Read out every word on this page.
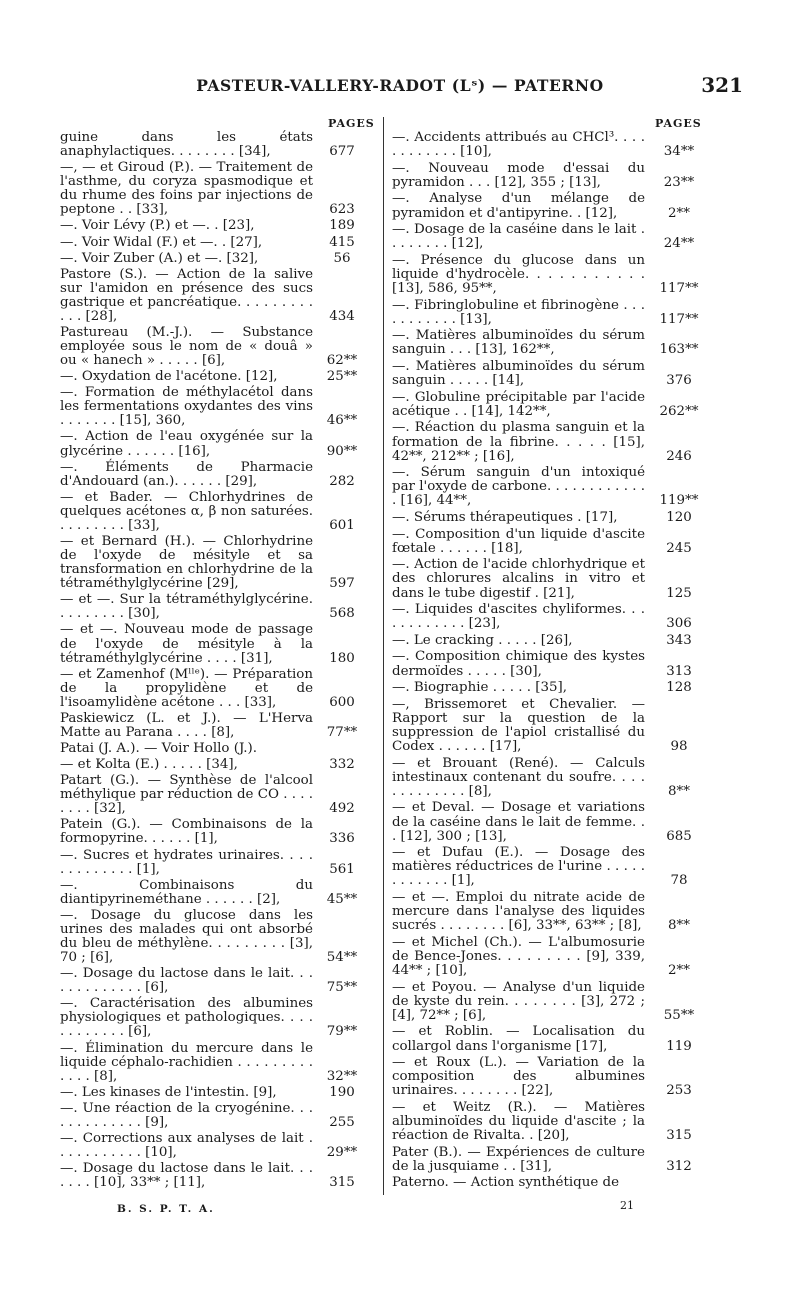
PASTEUR-VALLERY-RADOT (Lˢ) — PATERNO	321
PAGES
guine dans les états anaphylactiques. . . . . . . . [34],	677
—, — et Giroud (P.). — Traitement de l'asthme, du coryza spasmodique et du rhume des foins par injections de peptone . . [33],	623
—. Voir Lévy (P.) et —. . [23],	189
—. Voir Widal (F.) et —. . [27],	415
—. Voir Zuber (A.) et —. [32],	56
Pastore (S.). — Action de la salive sur l'amidon en présence des sucs gastrique et pancréatique. . . . . . . . . . . . [28],	434
Pastureau (M.-J.). — Substance employée sous le nom de « douâ » ou « hanech » . . . . . [6],	62**
—. Oxydation de l'acétone. [12],	25**
—. Formation de méthylacétol dans les fermentations oxydantes des vins . . . . . . . [15], 360,	46**
—. Action de l'eau oxygénée sur la glycérine . . . . . . [16],	90**
—. Éléments de Pharmacie d'Andouard (an.). . . . . . [29],	282
— et Bader. — Chlorhydrines de quelques acétones α, β non saturées. . . . . . . . . [33],	601
— et Bernard (H.). — Chlorhydrine de l'oxyde de mésityle et sa transformation en chlorhydrine de la tétraméthylglycérine [29],	597
— et —. Sur la tétraméthylglycérine. . . . . . . . . [30],	568
— et —. Nouveau mode de passage de l'oxyde de mésityle à la tétraméthylglycérine . . . . [31],	180
— et Zamenhof (Mˡˡᵉ). — Préparation de la propylidène et de l'isoamylidène acétone . . . [33],	600
Paskiewicz (L. et J.). — L'Herva Matte au Parana . . . . [8],	77**
Patai (J. A.). — Voir Hollo (J.).
— et Kolta (E.) . . . . . [34],	332
Patart (G.). — Synthèse de l'alcool méthylique par réduction de CO . . . . . . . . [32],	492
Patein (G.). — Combinaisons de la formopyrine. . . . . . [1],	336
—. Sucres et hydrates urinaires. . . . . . . . . . . . . [1],	561
—. Combinaisons du diantipyrineméthane . . . . . . [2],	45**
—. Dosage du glucose dans les urines des malades qui ont absorbé du bleu de méthylène. . . . . . . . . [3], 70 ; [6],	54**
—. Dosage du lactose dans le lait. . . . . . . . . . . . . [6],	75**
—. Caractérisation des albumines physiologiques et pathologiques. . . . . . . . . . . . [6],	79**
—. Élimination du mercure dans le liquide céphalo-rachidien . . . . . . . . . . . . . [8],	32**
—. Les kinases de l'intestin. [9],	190
—. Une réaction de la cryogénine. . . . . . . . . . . . . [9],	255
—. Corrections aux analyses de lait . . . . . . . . . . . [10],	29**
—. Dosage du lactose dans le lait. . . . . . . [10], 33** ; [11],	315
PAGES
—. Accidents attribués au CHCl³. . . . . . . . . . . . [10],	34**
—. Nouveau mode d'essai du pyramidon . . . [12], 355 ; [13],	23**
—. Analyse d'un mélange de pyramidon et d'antipyrine. . [12],	2**
—. Dosage de la caséine dans le lait . . . . . . . . [12],	24**
—. Présence du glucose dans un liquide d'hydrocèle. . . . . . . . . . . [13], 586, 95**,	117**
—. Fibringlobuline et fibrinogène . . . . . . . . . . . [13],	117**
—. Matières albuminoïdes du sérum sanguin . . . [13], 162**,	163**
—. Matières albuminoïdes du sérum sanguin . . . . . [14],	376
—. Globuline précipitable par l'acide acétique . . [14], 142**,	262**
—. Réaction du plasma sanguin et la formation de la fibrine. . . . . [15], 42**, 212** ; [16],	246
—. Sérum sanguin d'un intoxiqué par l'oxyde de carbone. . . . . . . . . . . . . [16], 44**,	119**
—. Sérums thérapeutiques . [17],	120
—. Composition d'un liquide d'ascite fœtale . . . . . . [18],	245
—. Action de l'acide chlorhydrique et des chlorures alcalins in vitro et dans le tube digestif . [21],	125
—. Liquides d'ascites chyliformes. . . . . . . . . . . . [23],	306
—. Le cracking . . . . . [26],	343
—. Composition chimique des kystes dermoïdes . . . . . [30],	313
—. Biographie . . . . . [35],	128
—, Brissemoret et Chevalier. — Rapport sur la question de la suppression de l'apiol cristallisé du Codex . . . . . . [17],	98
— et Brouant (René). — Calculs intestinaux contenant du soufre. . . . . . . . . . . . . [8],	8**
— et Deval. — Dosage et variations de la caséine dans le lait de femme. . . [12], 300 ; [13],	685
— et Dufau (E.). — Dosage des matières réductrices de l'urine . . . . . . . . . . . . [1],	78
— et —. Emploi du nitrate acide de mercure dans l'analyse des liquides sucrés . . . . . . . . [6], 33**, 63** ; [8],	8**
— et Michel (Ch.). — L'albumosurie de Bence-Jones. . . . . . . . . [9], 339, 44** ; [10],	2**
— et Poyou. — Analyse d'un liquide de kyste du rein. . . . . . . . [3], 272 ; [4], 72** ; [6],	55**
— et Roblin. — Localisation du collargol dans l'organisme [17],	119
— et Roux (L.). — Variation de la composition des albumines urinaires. . . . . . . . [22],	253
— et Weitz (R.). — Matières albuminoïdes du liquide d'ascite ; la réaction de Rivalta. . [20],	315
Pater (B.). — Expériences de culture de la jusquiame . . [31],	312
Paterno. — Action synthétique de
B. S. P. T. A.	21
